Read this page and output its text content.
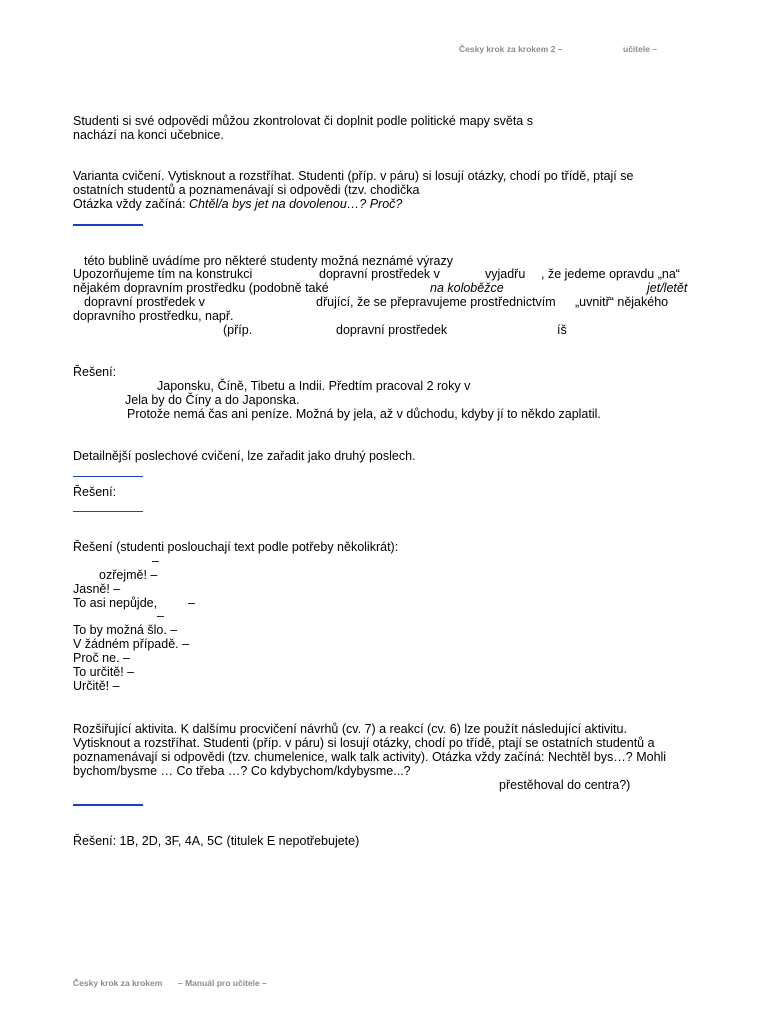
Česky krok za krokem 2 –	učitele –
Studenti si své odpovědi můžou zkontrolovat či doplnit podle politické mapy světa s
nachází na konci učebnice.
Varianta cvičení. Vytisknout a rozstříhat. Studenti (příp. v páru) si losují otázky, chodí po třídě, ptají se
ostatních studentů a poznamenávají si odpovědi (tzv. chodička
Otázka vždy začíná: Chtěl/a bys jet na dovolenou…? Proč?
této bublině uvádíme pro některé studenty možná neznámé výrazy
Upozorňujeme tím na konstrukci	dopravní prostředek v	vyjadřu , že jedeme opravdu „na“
nějakém dopravním prostředku (podobně také	na koloběžce	jet/letět
dopravní prostředek v	dřující, že se přepravujeme prostřednictvím „uvnitř“ nějakého
dopravního prostředku, např.
(příp.	dopravní prostředek	íš
Řešení:
Japonsku, Číně, Tibetu a Indii. Předtím pracoval 2 roky v
Jela by do Číny a do Japonska.
Protože nemá čas ani peníze. Možná by jela, až v důchodu, kdyby jí to někdo zaplatil.
Detailnější poslechové cvičení, lze zařadit jako druhý poslech.
Řešení:
Řešení (studenti poslouchají text podle potřeby několikrát):
–
ozřejmě! –
Jasně! –
To asi nepůjde, –
–
To by možná šlo. –
V žádném případě. –
Proč ne. –
To určitě! –
Určitě! –
Rozšiřující aktivita. K dalšímu procvičení návrhů (cv. 7) a reakcí (cv. 6) lze použít následující aktivitu.
Vytisknout a rozstříhat. Studenti (příp. v páru) si losují otázky, chodí po třídě, ptají se ostatních studentů a
poznamenávají si odpovědi (tzv. chumelenice, walk talk activity). Otázka vždy začíná: Nechtěl bys…? Mohli
bychom/bysme … Co třeba …? Co kdybychom/kdybysme...?
přestěhoval do centra?)
Řešení: 1B, 2D, 3F, 4A, 5C (titulek E nepotřebujete)
Česky krok za krokem – Manuál pro učitele –
